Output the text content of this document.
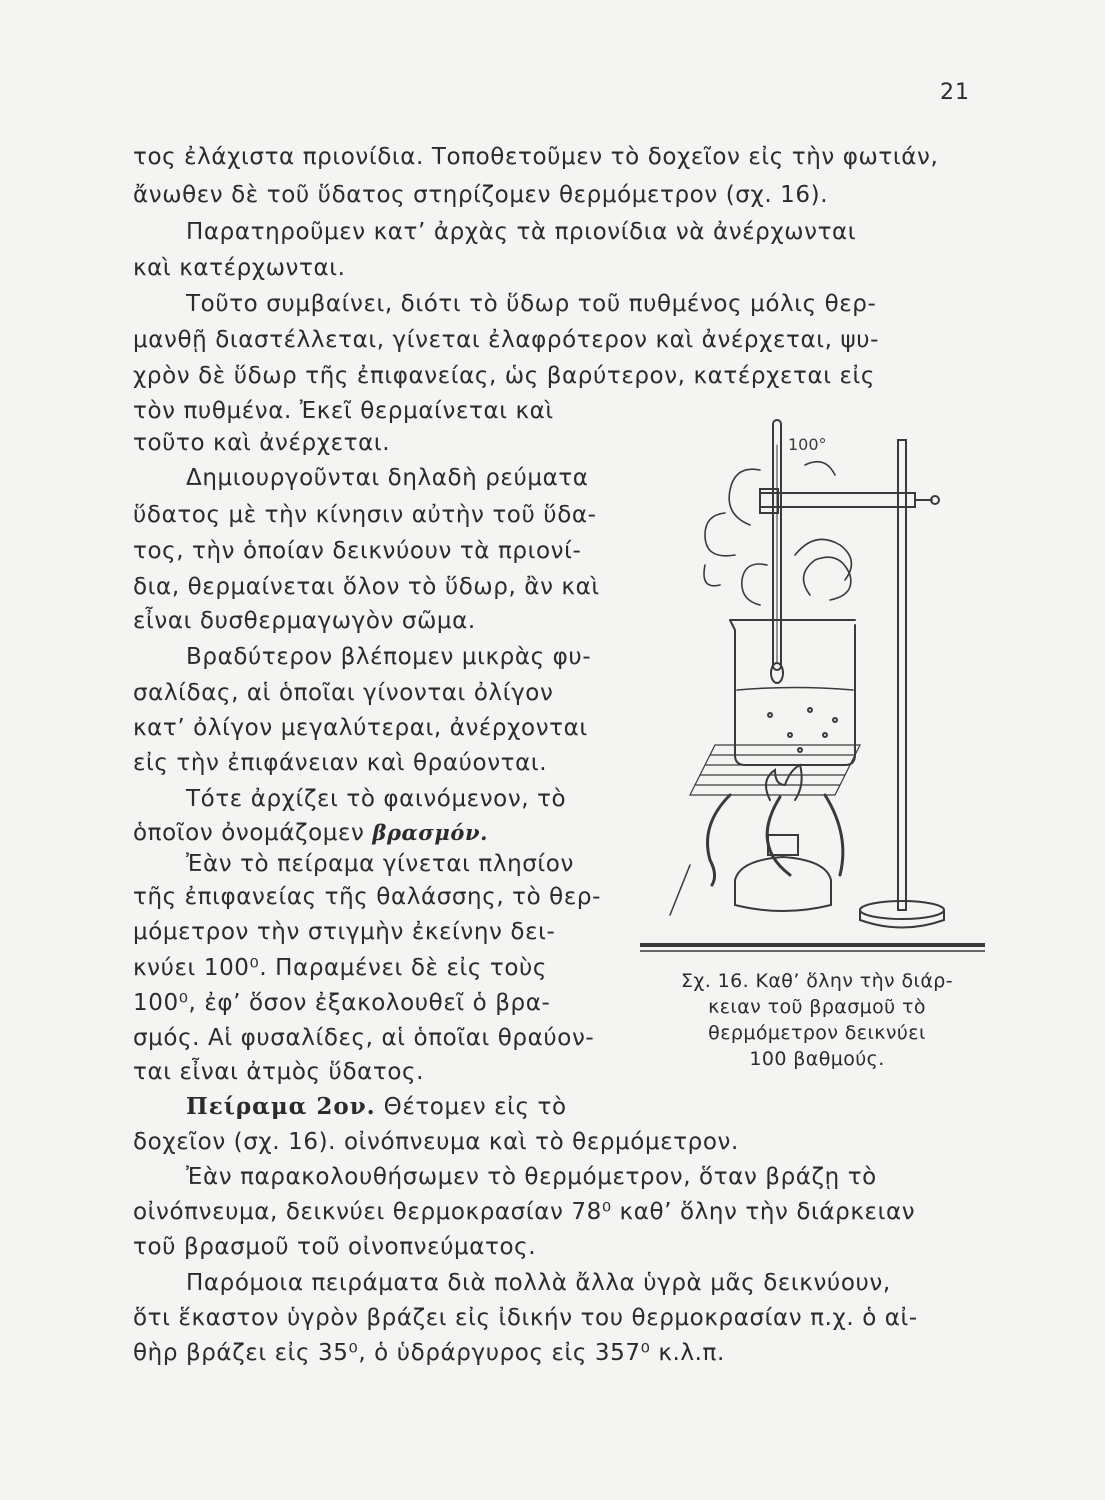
21
τος ἐλάχιστα πριονίδια. Τοποθετοῦμεν τὸ δοχεῖον εἰς τὴν φωτιάν,
ἄνωθεν δὲ τοῦ ὕδατος στηρίζομεν θερμόμετρον (σχ. 16).
Παρατηροῦμεν κατ’ ἀρχὰς τὰ πριονίδια νὰ ἀνέρχωνται
καὶ κατέρχωνται.
Τοῦτο συμβαίνει, διότι τὸ ὕδωρ τοῦ πυθμένος μόλις θερ-
μανθῇ διαστέλλεται, γίνεται ἐλαφρότερον καὶ ἀνέρχεται, ψυ-
χρὸν δὲ ὕδωρ τῆς ἐπιφανείας, ὡς βαρύτερον, κατέρχεται εἰς
τὸν πυθμένα. Ἐκεῖ θερμαίνεται καὶ
τοῦτο καὶ ἀνέρχεται.
Δημιουργοῦνται δηλαδὴ ρεύματα
ὕδατος μὲ τὴν κίνησιν αὐτὴν τοῦ ὕδα-
τος, τὴν ὁποίαν δεικνύουν τὰ πριονί-
δια, θερμαίνεται ὅλον τὸ ὕδωρ, ἂν καὶ
εἶναι δυσθερμαγωγὸν σῶμα.
Βραδύτερον βλέπομεν μικρὰς φυ-
σαλίδας, αἱ ὁποῖαι γίνονται ὀλίγον
κατ’ ὀλίγον μεγαλύτεραι, ἀνέρχονται
εἰς τὴν ἐπιφάνειαν καὶ θραύονται.
Τότε ἀρχίζει τὸ φαινόμενον, τὸ
ὁποῖον ὀνομάζομεν βρασμόν.
Ἐὰν τὸ πείραμα γίνεται πλησίον
τῆς ἐπιφανείας τῆς θαλάσσης, τὸ θερ-
μόμετρον τὴν στιγμὴν ἐκείνην δει-
κνύει 100⁰. Παραμένει δὲ εἰς τοὺς
100⁰, ἐφ’ ὅσον ἐξακολουθεῖ ὁ βρα-
σμός. Αἱ φυσαλίδες, αἱ ὁποῖαι θραύον-
ται εἶναι ἀτμὸς ὕδατος.
Πείραμα 2ον. Θέτομεν εἰς τὸ
δοχεῖον (σχ. 16). οἰνόπνευμα καὶ τὸ θερμόμετρον.
Ἐὰν παρακολουθήσωμεν τὸ θερμόμετρον, ὅταν βράζῃ τὸ
οἰνόπνευμα, δεικνύει θερμοκρασίαν 78⁰ καθ’ ὅλην τὴν διάρκειαν
τοῦ βρασμοῦ τοῦ οἰνοπνεύματος.
Παρόμοια πειράματα διὰ πολλὰ ἄλλα ὑγρὰ μᾶς δεικνύουν,
ὅτι ἕκαστον ὑγρὸν βράζει εἰς ἰδικήν του θερμοκρασίαν π.χ. ὁ αἰ-
θὴρ βράζει εἰς 35⁰, ὁ ὑδράργυρος εἰς 357⁰ κ.λ.π.
100°
Σχ. 16. Καθ’ ὅλην τὴν διάρ-
κειαν τοῦ βρασμοῦ τὸ
θερμόμετρον δεικνύει
100 βαθμούς.
